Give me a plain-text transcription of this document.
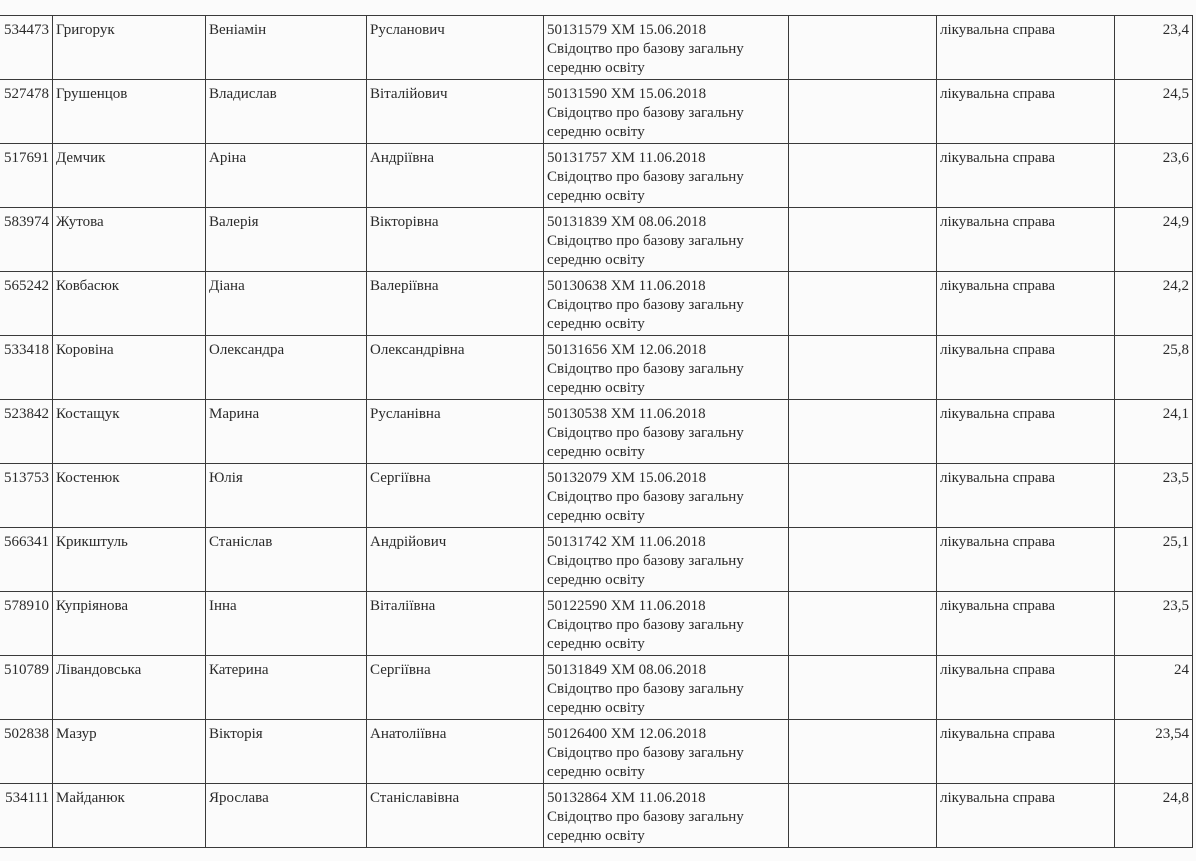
534473	Григорук	Веніамін	Русланович	50131579 ХМ 15.06.2018
Свідоцтво про базову загальну
середню освіту		лікувальна справа	23,4
527478	Грушенцов	Владислав	Віталійович	50131590 ХМ 15.06.2018
Свідоцтво про базову загальну
середню освіту		лікувальна справа	24,5
517691	Демчик	Аріна	Андріївна	50131757 ХМ 11.06.2018
Свідоцтво про базову загальну
середню освіту		лікувальна справа	23,6
583974	Жутова	Валерія	Вікторівна	50131839 ХМ 08.06.2018
Свідоцтво про базову загальну
середню освіту		лікувальна справа	24,9
565242	Ковбасюк	Діана	Валеріївна	50130638 ХМ 11.06.2018
Свідоцтво про базову загальну
середню освіту		лікувальна справа	24,2
533418	Коровіна	Олександра	Олександрівна	50131656 ХМ 12.06.2018
Свідоцтво про базову загальну
середню освіту		лікувальна справа	25,8
523842	Костащук	Марина	Русланівна	50130538 ХМ 11.06.2018
Свідоцтво про базову загальну
середню освіту		лікувальна справа	24,1
513753	Костенюк	Юлія	Сергіївна	50132079 ХМ 15.06.2018
Свідоцтво про базову загальну
середню освіту		лікувальна справа	23,5
566341	Крикштуль	Станіслав	Андрійович	50131742 ХМ 11.06.2018
Свідоцтво про базову загальну
середню освіту		лікувальна справа	25,1
578910	Купріянова	Інна	Віталіївна	50122590 ХМ 11.06.2018
Свідоцтво про базову загальну
середню освіту		лікувальна справа	23,5
510789	Лівандовська	Катерина	Сергіївна	50131849 ХМ 08.06.2018
Свідоцтво про базову загальну
середню освіту		лікувальна справа	24
502838	Мазур	Вікторія	Анатоліївна	50126400 ХМ 12.06.2018
Свідоцтво про базову загальну
середню освіту		лікувальна справа	23,54
534111	Майданюк	Ярослава	Станіславівна	50132864 ХМ 11.06.2018
Свідоцтво про базову загальну
середню освіту		лікувальна справа	24,8
